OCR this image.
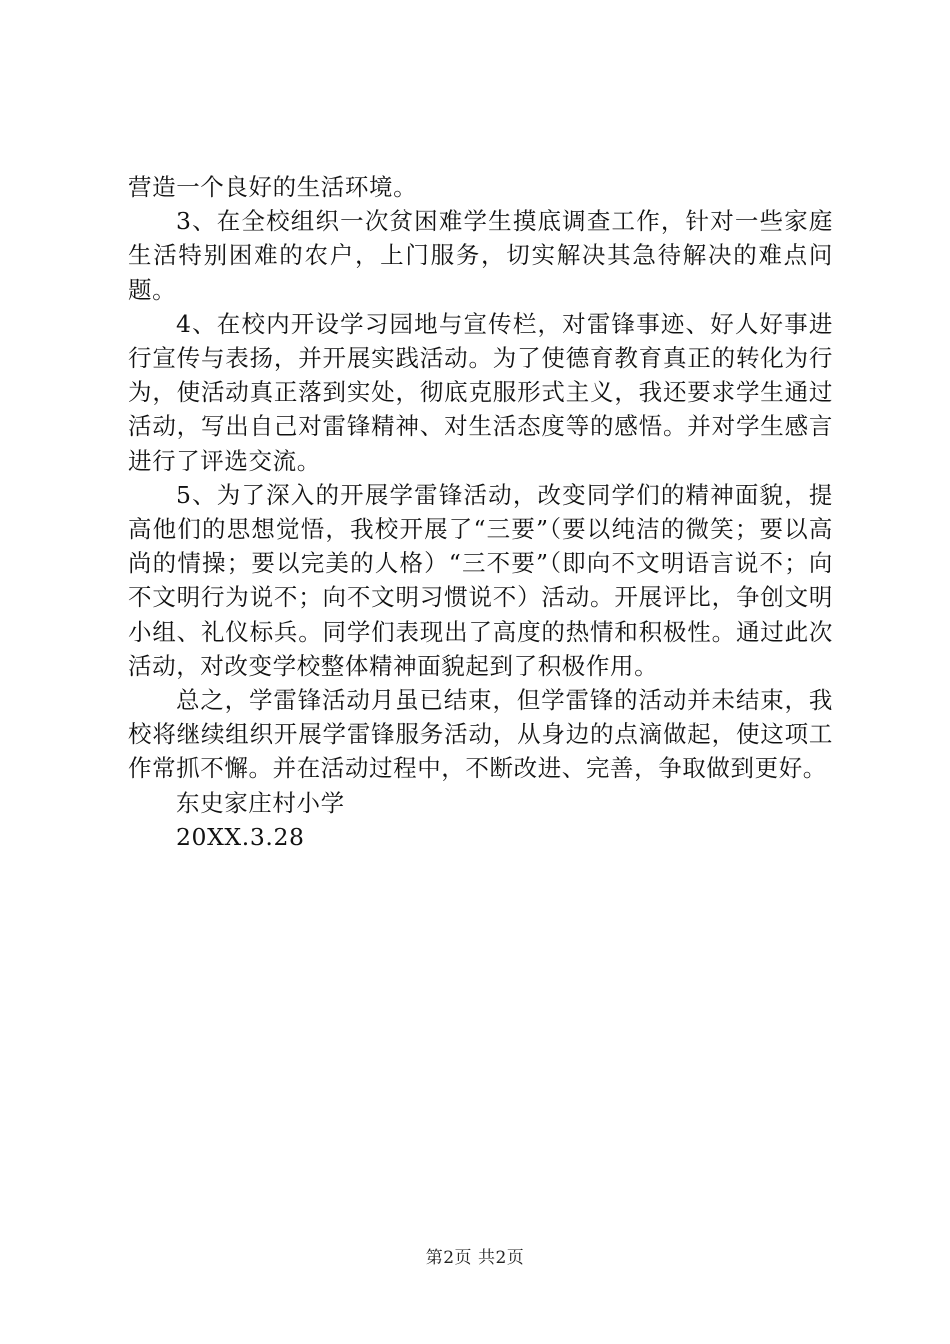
营造一个良好的生活环境。

3、在全校组织一次贫困难学生摸底调查工作，针对一些家庭生活特别困难的农户，上门服务，切实解决其急待解决的难点问题。

4、在校内开设学习园地与宣传栏，对雷锋事迹、好人好事进行宣传与表扬，并开展实践活动。为了使德育教育真正的转化为行为，使活动真正落到实处，彻底克服形式主义，我还要求学生通过活动，写出自己对雷锋精神、对生活态度等的感悟。并对学生感言进行了评选交流。

5、为了深入的开展学雷锋活动，改变同学们的精神面貌，提高他们的思想觉悟，我校开展了“三要”（要以纯洁的微笑；要以高尚的情操；要以完美的人格）“三不要”（即向不文明语言说不；向不文明行为说不；向不文明习惯说不）活动。开展评比，争创文明小组、礼仪标兵。同学们表现出了高度的热情和积极性。通过此次活动，对改变学校整体精神面貌起到了积极作用。

总之，学雷锋活动月虽已结束，但学雷锋的活动并未结束，我校将继续组织开展学雷锋服务活动，从身边的点滴做起，使这项工作常抓不懈。并在活动过程中，不断改进、完善，争取做到更好。

东史家庄村小学

20XX.3.28

第2页 共2页
